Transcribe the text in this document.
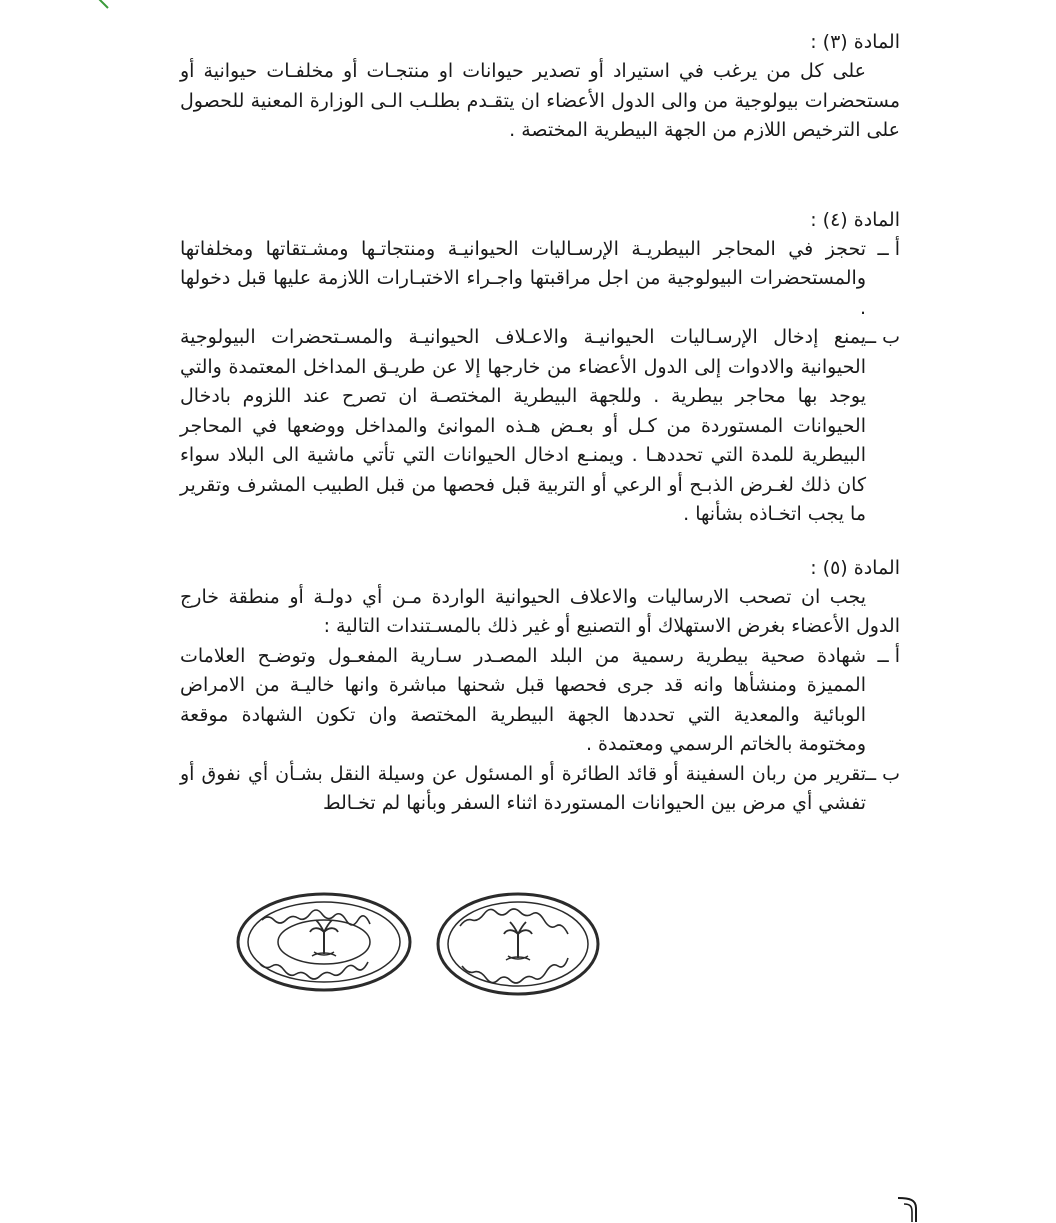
المادة (٣) :

على كل من يرغب في استيراد أو تصدير حيوانات او منتجـات أو مخلفـات حيوانية أو مستحضرات بيولوجية من والى الدول الأعضاء ان يتقـدم بطلـب الـى الوزارة المعنية للحصول على الترخيص اللازم من الجهة البيطرية المختصة .

المادة (٤) :

أ ــ
تحجز في المحاجر البيطريـة الإرسـاليات الحيوانيـة ومنتجاتـها ومشـتقاتها ومخلفاتها والمستحضرات البيولوجية من اجل مراقبتها واجـراء الاختبـارات اللازمة عليها قبل دخولها .
ب ــ
يمنع إدخال الإرسـاليات الحيوانيـة والاعـلاف الحيوانيـة والمسـتحضرات البيولوجية الحيوانية والادوات إلى الدول الأعضاء من خارجها إلا عن طريـق المداخل المعتمدة والتي يوجد بها محاجر بيطرية . وللجهة البيطرية المختصـة ان تصرح عند اللزوم بادخال الحيوانات المستوردة من كـل أو بعـض هـذه الموانئ والمداخل ووضعها في المحاجر البيطرية للمدة التي تحددهـا . ويمنـع ادخال الحيوانات التي تأتي ماشية الى البلاد سواء كان ذلك لغـرض الذبـح أو الرعي أو التربية قبل فحصها من قبل الطبيب المشرف وتقرير ما يجب اتخـاذه بشأنها .

المادة (٥) :

يجب ان تصحب الارساليات والاعلاف الحيوانية الواردة مـن أي دولـة أو منطقة خارج الدول الأعضاء بغرض الاستهلاك أو التصنيع أو غير ذلك بالمسـتندات التالية :

أ ــ
شهادة صحية بيطرية رسمية من البلد المصـدر سـارية المفعـول وتوضـح العلامات المميزة ومنشأها وانه قد جرى فحصها قبل شحنها مباشرة وانها خاليـة من الامراض الوبائية والمعدية التي تحددها الجهة البيطرية المختصة وان تكون الشهادة موقعة ومختومة بالخاتم الرسمي ومعتمدة .
ب ــ
تقرير من ربان السفينة أو قائد الطائرة أو المسئول عن وسيلة النقل بشـأن أي نفوق أو تفشي أي مرض بين الحيوانات المستوردة اثناء السفر وبأنها لم تخـالط
